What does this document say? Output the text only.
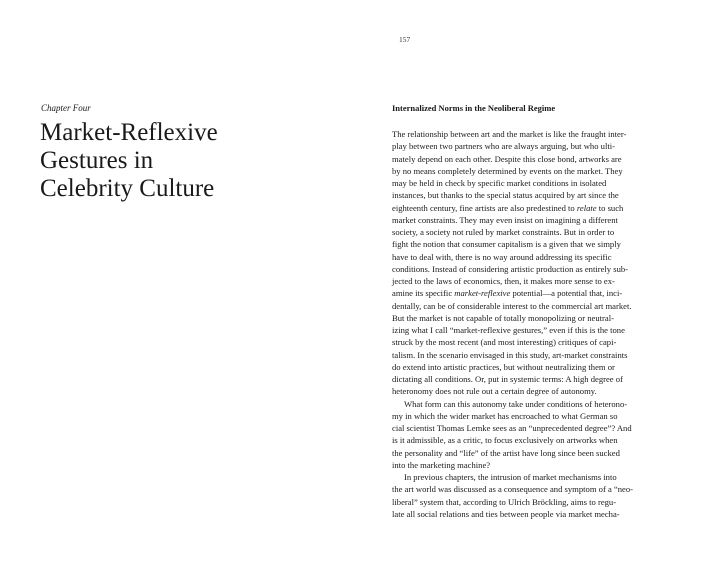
157
Chapter Four
Market-Reflexive
Gestures in
Celebrity Culture
Internalized Norms in the Neoliberal Regime
The relationship between art and the market is like the fraught inter-
play between two partners who are always arguing, but who ulti-
mately depend on each other. Despite this close bond, artworks are
by no means completely determined by events on the market. They
may be held in check by specific market conditions in isolated
instances, but thanks to the special status acquired by art since the
eighteenth century, fine artists are also predestined to relate to such
market constraints. They may even insist on imagining a different
society, a society not ruled by market constraints. But in order to
fight the notion that consumer capitalism is a given that we simply
have to deal with, there is no way around addressing its specific
conditions. Instead of considering artistic production as entirely sub-
jected to the laws of economics, then, it makes more sense to ex-
amine its specific market-reflexive potential—a potential that, inci-
dentally, can be of considerable interest to the commercial art market.
But the market is not capable of totally monopolizing or neutral-
izing what I call “market-reflexive gestures,” even if this is the tone
struck by the most recent (and most interesting) critiques of capi-
talism. In the scenario envisaged in this study, art-market constraints
do extend into artistic practices, but without neutralizing them or
dictating all conditions. Or, put in systemic terms: A high degree of
heteronomy does not rule out a certain degree of autonomy.
What form can this autonomy take under conditions of heterono-
my in which the wider market has encroached to what German so
cial scientist Thomas Lemke sees as an “unprecedented degree”? And
is it admissible, as a critic, to focus exclusively on artworks when
the personality and “life” of the artist have long since been sucked
into the marketing machine?
In previous chapters, the intrusion of market mechanisms into
the art world was discussed as a consequence and symptom of a “neo-
liberal” system that, according to Ulrich Bröckling, aims to regu-
late all social relations and ties between people via market mecha-
